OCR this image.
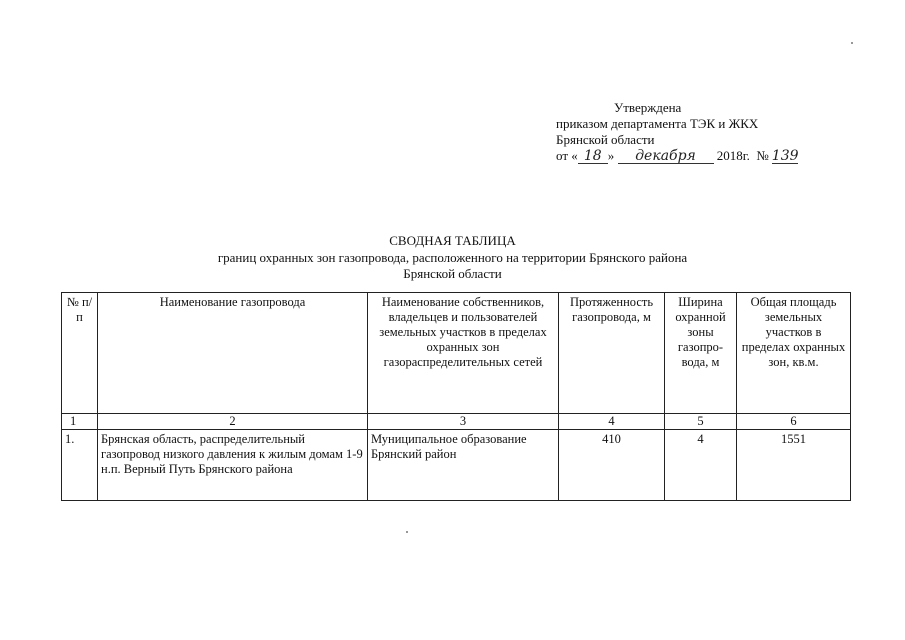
Утверждена
приказом департамента ТЭК и ЖКХ
Брянской области
от « 18 » декабря 2018г. № 139
СВОДНАЯ ТАБЛИЦА
границ охранных зон газопровода, расположенного на территории Брянского района
Брянской области
№ п/п	Наименование газопровода	Наименование собственников, владельцев и пользователей земельных участков в пределах охранных зон газораспределительных сетей	Протяженность газопровода, м	Ширина охранной зоны газопро-вода, м	Общая площадь земельных участков в пределах охранных зон, кв.м.
1	2	3	4	5	6
1.	Брянская область, распределительный газопровод низкого давления к жилым домам 1-9 н.п. Верный Путь Брянского района	Муниципальное образование Брянский район	410	4	1551
